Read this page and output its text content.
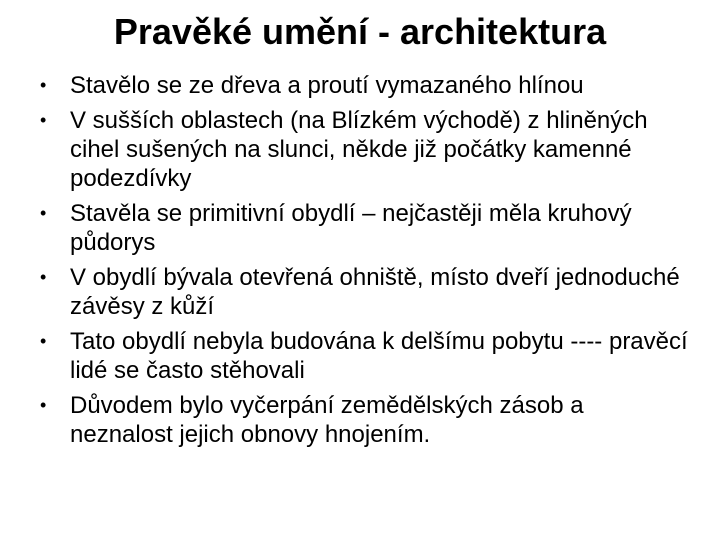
Pravěké umění - architektura
• Stavělo se ze dřeva a proutí vymazaného hlínou
• V sušších oblastech (na Blízkém východě) z hliněných cihel sušených na slunci, někde již počátky kamenné podezdívky
• Stavěla se primitivní obydlí – nejčastěji měla kruhový půdorys
• V obydlí bývala otevřená ohniště, místo dveří jednoduché závěsy z kůží
• Tato obydlí nebyla budována k delšímu pobytu ---- pravěcí lidé se často stěhovali
• Důvodem bylo vyčerpání zemědělských zásob a neznalost jejich obnovy hnojením.
